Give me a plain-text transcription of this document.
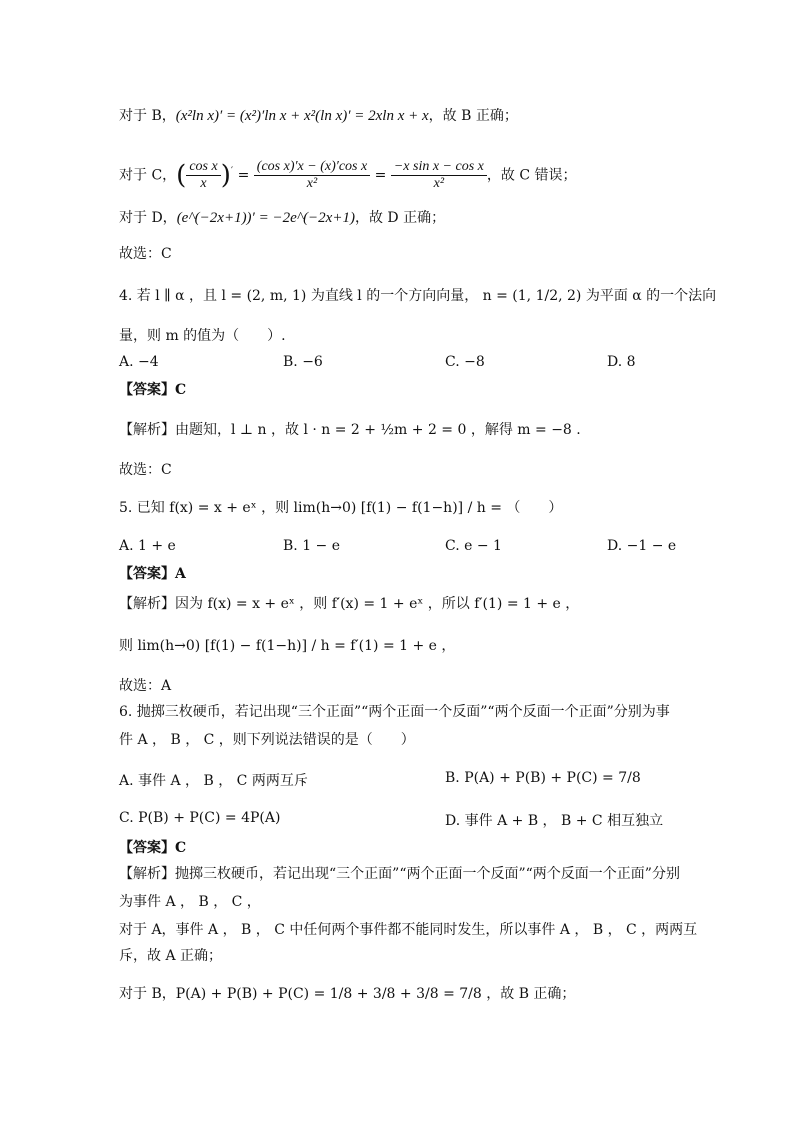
对于 B，(x²ln x)′ = (x²)′ln x + x²(ln x)′ = 2xln x + x，故 B 正确；
对于 C，( $\frac{\text{cos x}}{x} )' = \frac{\text{(cos x)′x − (x)′cos x}}{\text{x²}} = \frac{\text{−x sin x − cos x}}{\text{x²}}$ ，故 C 错误；
对于 D，(e^(−2x+1))′ = −2e^(−2x+1)，故 D 正确；
故选：C
4. 若 l ∥ α ，且 l = (2, m, 1) 为直线 l 的一个方向向量， n = (1, 1/2, 2) 为平面 α 的一个法向
量，则 m 的值为（　　）.
A. −4	B. −6	C. −8	D. 8
【答案】C
【解析】由题知，l ⊥ n ，故 l · n = 2 + ½m + 2 = 0 ，解得 m = −8 .
故选：C
5. 已知 f(x) = x + eˣ ，则 lim(h→0) [f(1) − f(1−h)] / h = （　　）
A. 1 + e	B. 1 − e	C. e − 1	D. −1 − e
【答案】A
【解析】因为 f(x) = x + eˣ ，则 f′(x) = 1 + eˣ ，所以 f′(1) = 1 + e ，
则 lim(h→0) [f(1) − f(1−h)] / h = f′(1) = 1 + e ，
故选：A
6. 抛掷三枚硬币，若记出现“三个正面”“两个正面一个反面”“两个反面一个正面”分别为事
件 A ， B ， C ，则下列说法错误的是（　　）
A. 事件 A ， B ， C 两两互斥	B. P(A) + P(B) + P(C) = 7/8
C. P(B) + P(C) = 4P(A)	D. 事件 A + B ， B + C 相互独立
【答案】C
【解析】抛掷三枚硬币，若记出现“三个正面”“两个正面一个反面”“两个反面一个正面”分别
为事件 A ， B ， C ，
对于 A，事件 A ， B ， C 中任何两个事件都不能同时发生，所以事件 A ， B ， C ，两两互
斥，故 A 正确；
对于 B，P(A) + P(B) + P(C) = 1/8 + 3/8 + 3/8 = 7/8 ，故 B 正确；
